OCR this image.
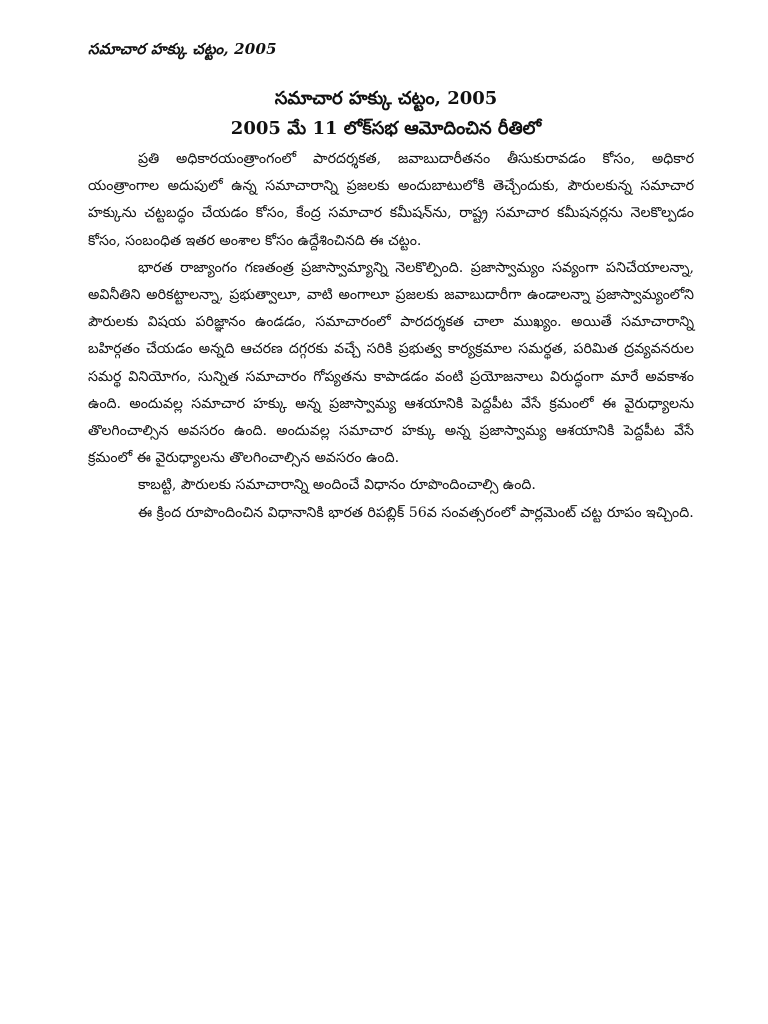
సమాచార హక్కు చట్టం, 2005
సమాచార హక్కు చట్టం, 2005
2005 మే 11 లోక్‌సభ ఆమోదించిన రీతిలో

ప్రతి అధికారయంత్రాంగంలో పారదర్శకత, జవాబుదారీతనం తీసుకురావడం కోసం, అధికార యంత్రాంగాల అదుపులో ఉన్న సమాచారాన్ని ప్రజలకు అందుబాటులోకి తెచ్చేందుకు, పౌరులకున్న సమాచార హక్కును చట్టబద్ధం చేయడం కోసం, కేంద్ర సమాచార కమీషన్‌ను, రాష్ట్ర సమాచార కమీషనర్లను నెలకొల్పడం కోసం, సంబంధిత ఇతర అంశాల కోసం ఉద్దేశించినది ఈ చట్టం.

భారత రాజ్యాంగం గణతంత్ర ప్రజాస్వామ్యాన్ని నెలకొల్పింది. ప్రజాస్వామ్యం సవ్యంగా పనిచేయాలన్నా, అవినీతిని అరికట్టాలన్నా, ప్రభుత్వాలూ, వాటి అంగాలూ ప్రజలకు జవాబుదారీగా ఉండాలన్నా ప్రజాస్వామ్యంలోని పౌరులకు విషయ పరిజ్ఞానం ఉండడం, సమాచారంలో పారదర్శకత చాలా ముఖ్యం. అయితే సమాచారాన్ని బహిర్గతం చేయడం అన్నది ఆచరణ దగ్గరకు వచ్చే సరికి ప్రభుత్వ కార్యక్రమాల సమర్థత, పరిమిత ద్రవ్యవనరుల సమర్థ వినియోగం, సున్నిత సమాచారం గోప్యతను కాపాడడం వంటి ప్రయోజనాలు విరుద్ధంగా మారే అవకాశం ఉంది. అందువల్ల సమాచార హక్కు అన్న ప్రజాస్వామ్య ఆశయానికి పెద్దపీట వేసే క్రమంలో ఈ వైరుధ్యాలను తొలగించాల్సిన అవసరం ఉంది. అందువల్ల సమాచార హక్కు అన్న ప్రజాస్వామ్య ఆశయానికి పెద్దపీట వేసే క్రమంలో ఈ వైరుధ్యాలను తొలగించాల్సిన అవసరం ఉంది.

కాబట్టి, పౌరులకు సమాచారాన్ని అందించే విధానం రూపొందించాల్సి ఉంది.

ఈ క్రింద రూపొందించిన విధానానికి భారత రిపబ్లిక్ 56వ సంవత్సరంలో పార్లమెంట్ చట్ట రూపం ఇచ్చింది.
